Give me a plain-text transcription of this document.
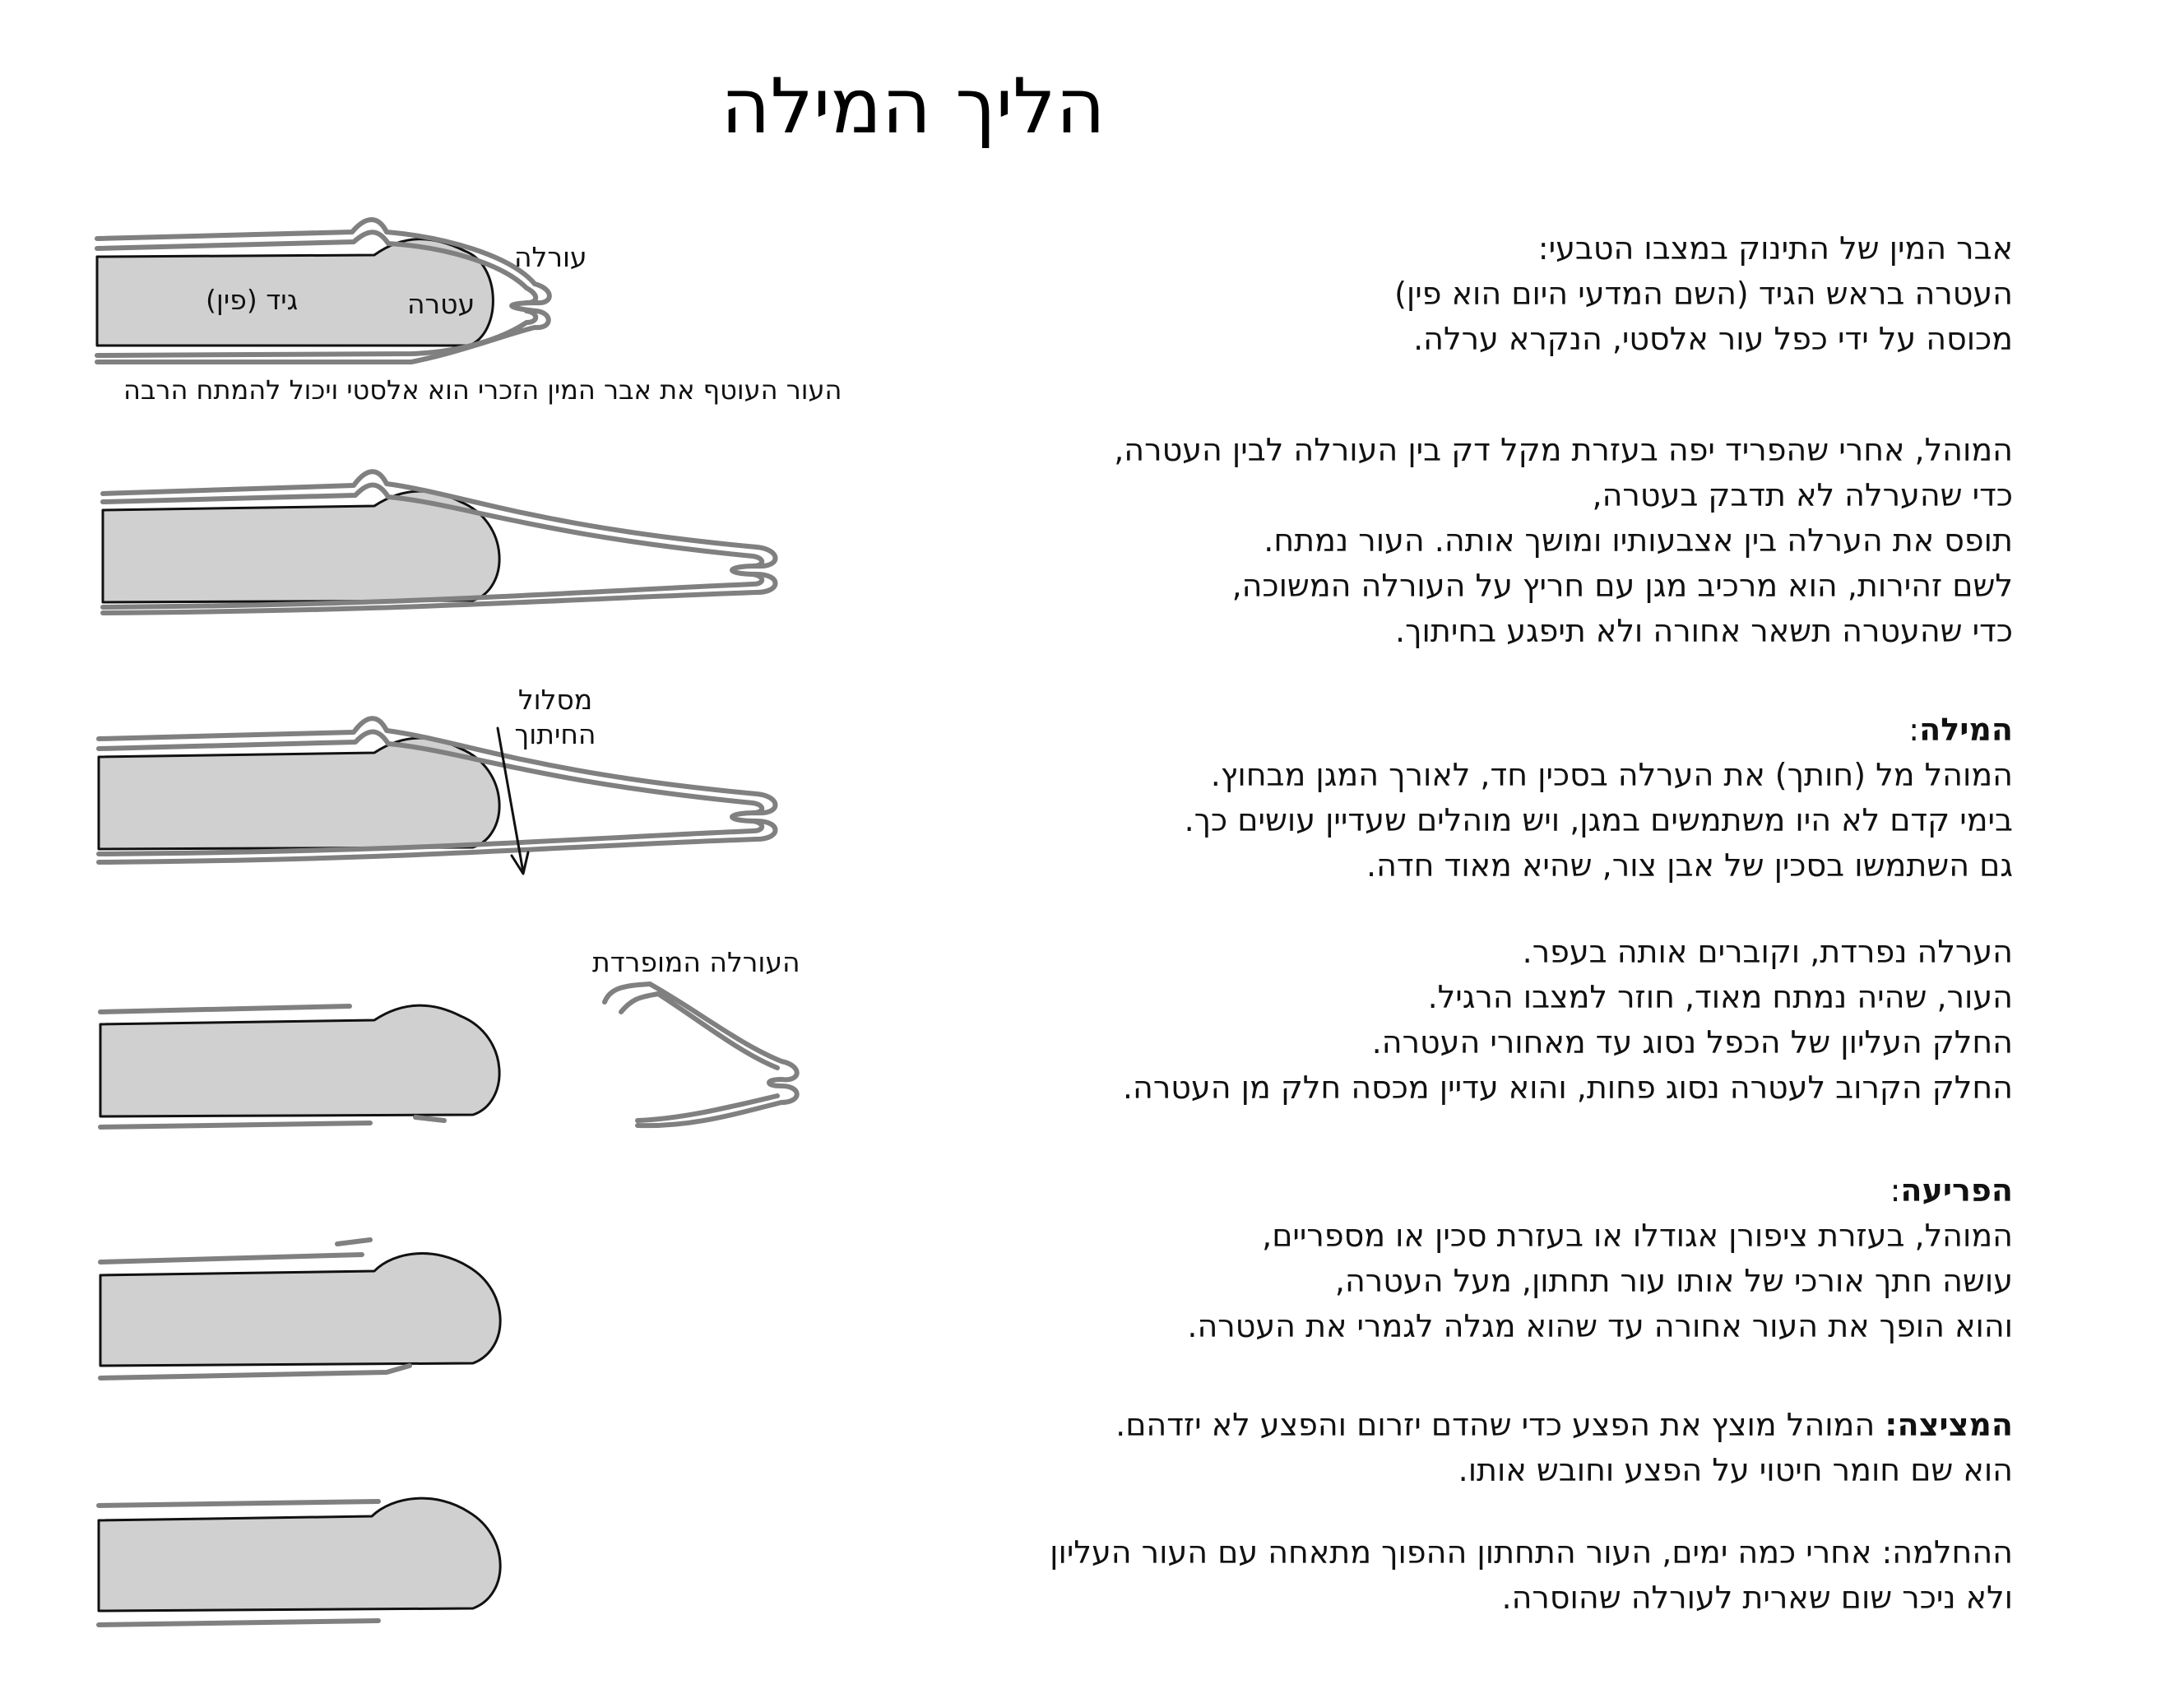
הליך המילה
עורלה
עטרה
גיד (פין)
העור העוטף את אבר המין הזכרי הוא אלסטי ויכול להמתח הרבה
מסלול
החיתוך
העורלה המופרדת
אבר המין של התינוק במצבו הטבעי:
העטרה בראש הגיד (השם המדעי היום הוא פין)
מכוסה על ידי כפל עור אלסטי, הנקרא ערלה.
המוהל, אחרי שהפריד יפה בעזרת מקל דק בין העורלה לבין העטרה,
כדי שהערלה לא תדבק בעטרה,
תופס את הערלה בין אצבעותיו ומושך אותה. העור נמתח.
לשם זהירות, הוא מרכיב מגן עם חריץ על העורלה המשוכה,
כדי שהעטרה תשאר אחורה ולא תיפגע בחיתוך.
המילה:
המוהל מל (חותך) את הערלה בסכין חד, לאורך המגן מבחוץ.
בימי קדם לא היו משתמשים במגן, ויש מוהלים שעדיין עושים כך.
גם השתמשו בסכין של אבן צור, שהיא מאוד חדה.
הערלה נפרדת, וקוברים אותה בעפר.
העור, שהיה נמתח מאוד, חוזר למצבו הרגיל.
החלק העליון של הכפל נסוג עד מאחורי העטרה.
החלק הקרוב לעטרה נסוג פחות, והוא עדיין מכסה חלק מן העטרה.
הפריעה:
המוהל, בעזרת ציפורן אגודלו או בעזרת סכין או מספריים,
עושה חתך אורכי של אותו עור תחתון, מעל העטרה,
והוא הופך את העור אחורה עד שהוא מגלה לגמרי את העטרה.
המציצה: המוהל מוצץ את הפצע כדי שהדם יזרום והפצע לא יזדהם.
הוא שם חומר חיטוי על הפצע וחובש אותו.
ההחלמה: אחרי כמה ימים, העור התחתון ההפוך מתאחה עם העור העליון
ולא ניכר שום שארית לעורלה שהוסרה.
